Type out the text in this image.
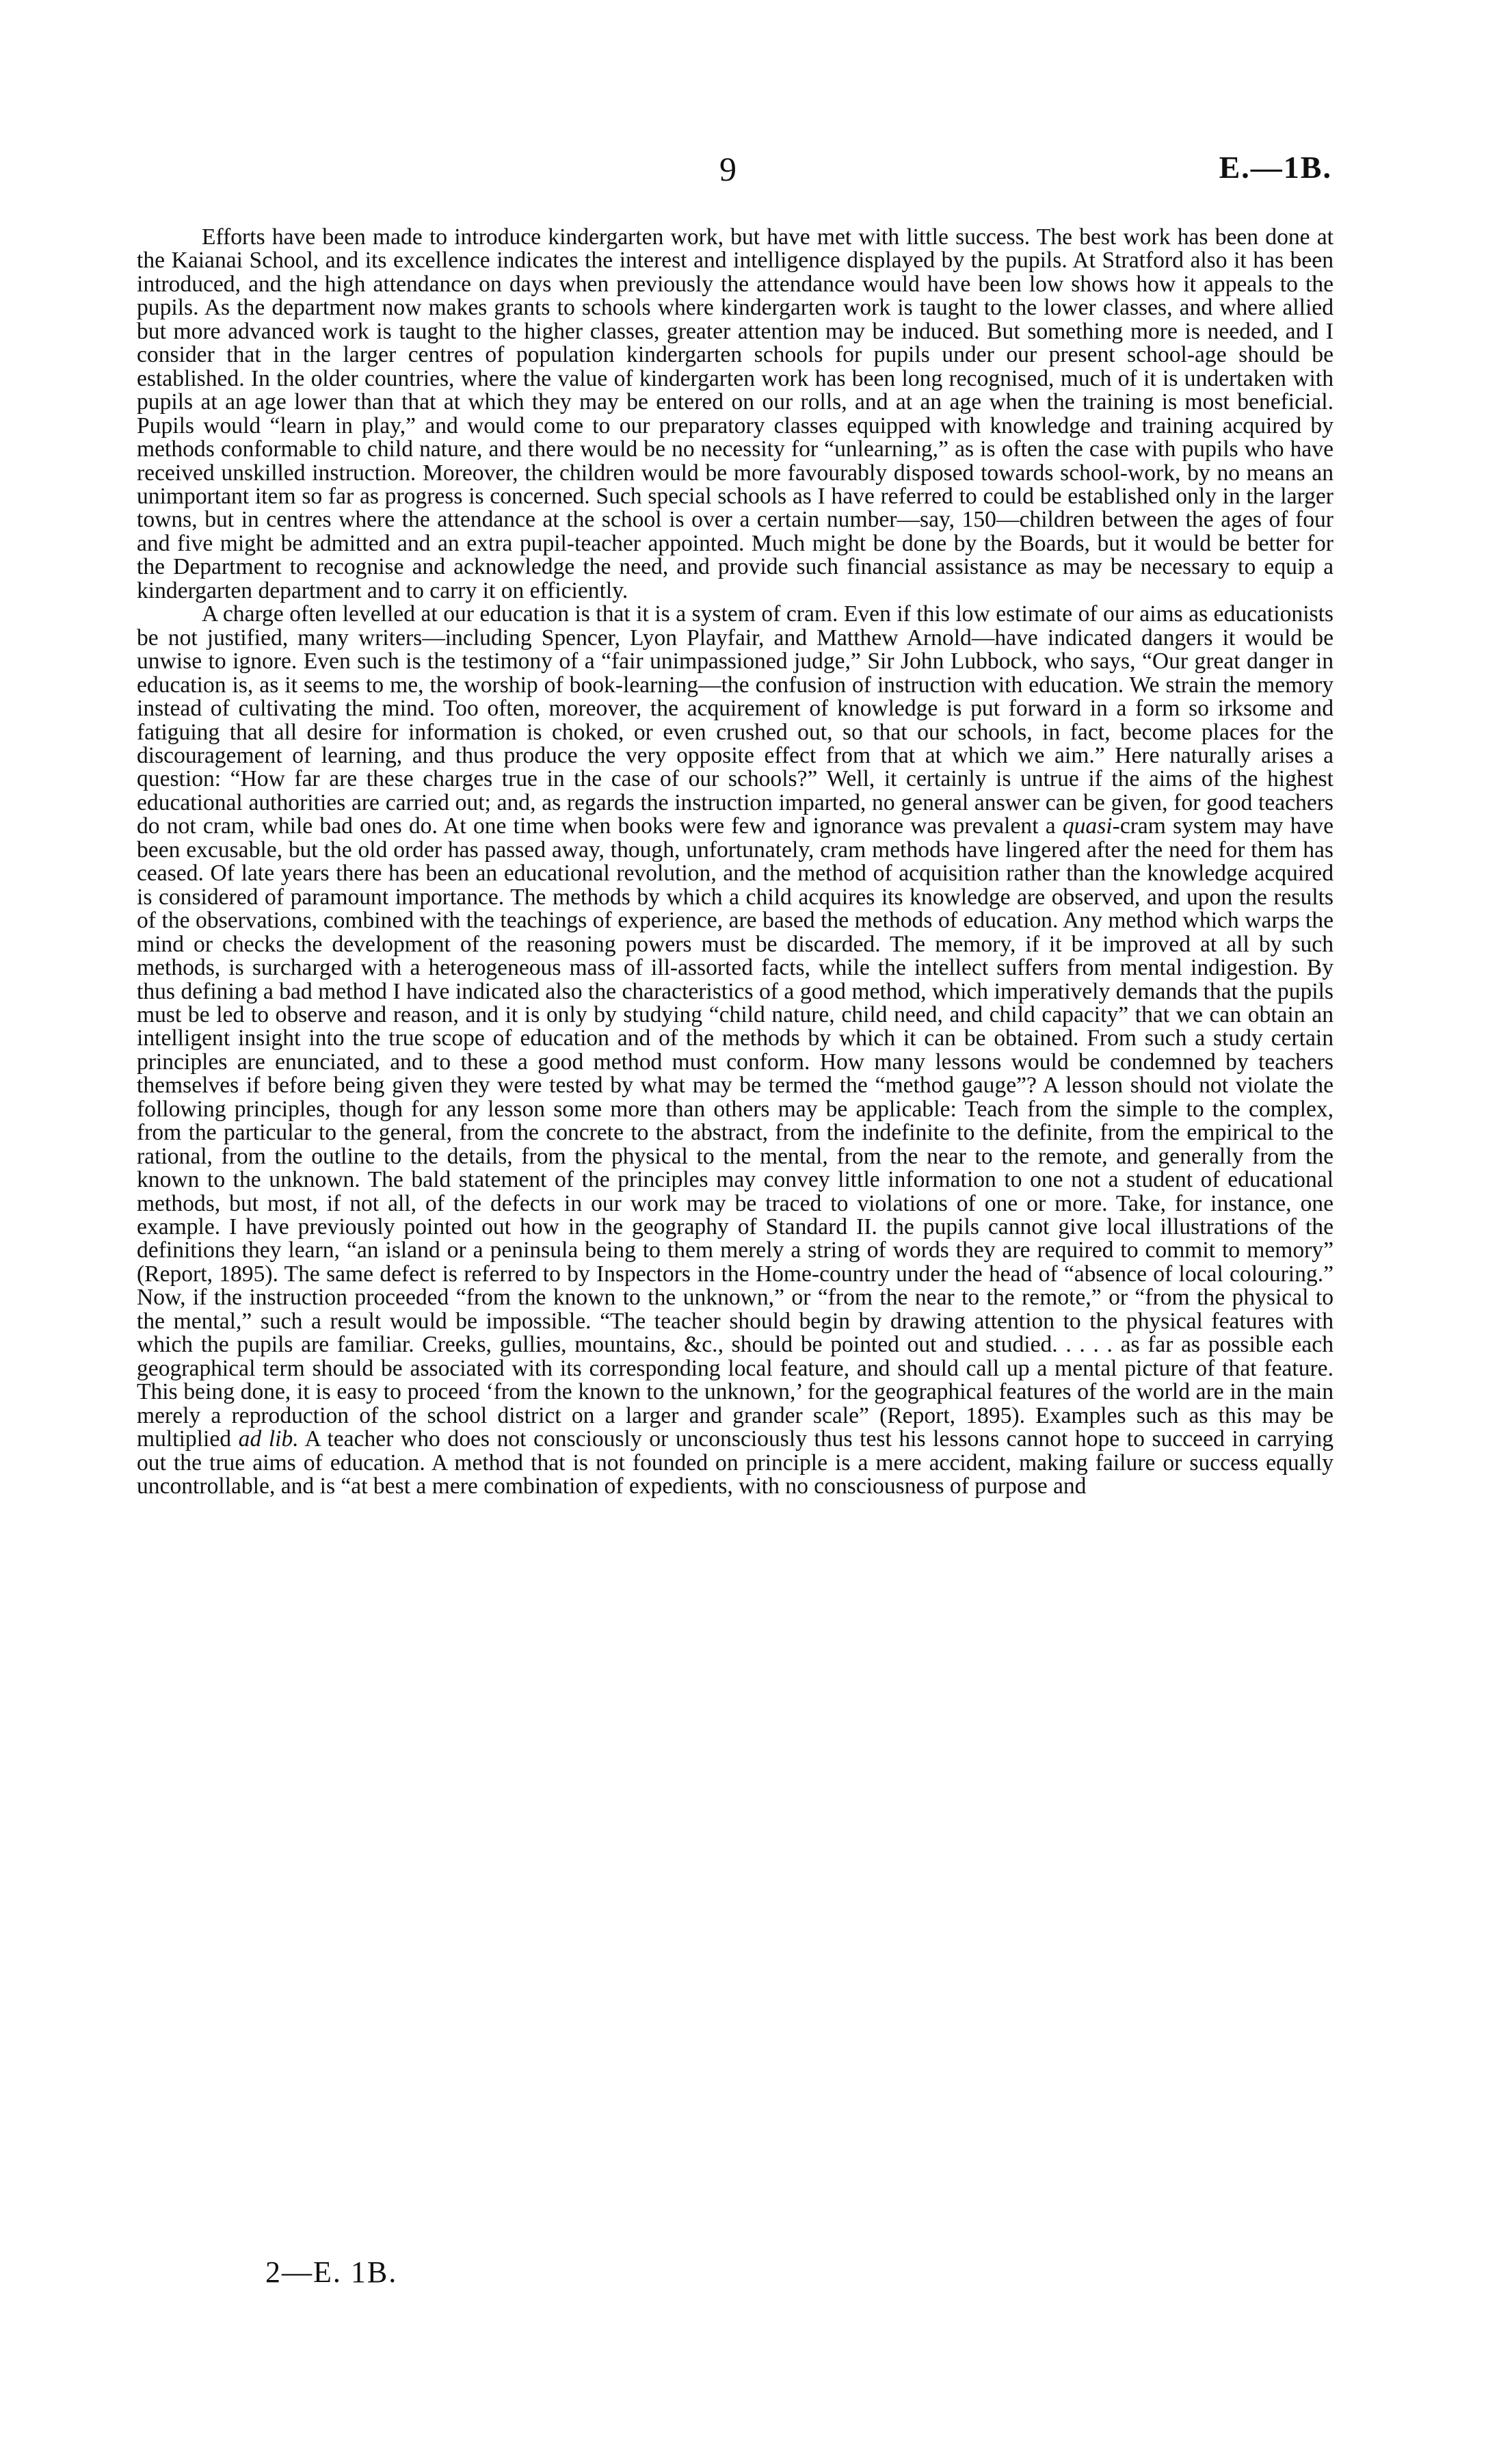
9	E.—1B.

Efforts have been made to introduce kindergarten work, but have met with little success. The best work has been done at the Kaianai School, and its excellence indicates the interest and intelligence displayed by the pupils. At Stratford also it has been introduced, and the high attendance on days when previously the attendance would have been low shows how it appeals to the pupils. As the department now makes grants to schools where kindergarten work is taught to the lower classes, and where allied but more advanced work is taught to the higher classes, greater attention may be induced. But something more is needed, and I consider that in the larger centres of population kindergarten schools for pupils under our present school-age should be established. In the older countries, where the value of kindergarten work has been long recognised, much of it is undertaken with pupils at an age lower than that at which they may be entered on our rolls, and at an age when the training is most beneficial. Pupils would “learn in play,” and would come to our preparatory classes equipped with knowledge and training acquired by methods conformable to child nature, and there would be no necessity for “unlearning,” as is often the case with pupils who have received unskilled instruction. Moreover, the children would be more favourably disposed towards school-work, by no means an unimportant item so far as progress is concerned. Such special schools as I have referred to could be established only in the larger towns, but in centres where the attendance at the school is over a certain number—say, 150—children between the ages of four and five might be admitted and an extra pupil-teacher appointed. Much might be done by the Boards, but it would be better for the Department to recognise and acknowledge the need, and provide such financial assistance as may be necessary to equip a kindergarten department and to carry it on efficiently.

A charge often levelled at our education is that it is a system of cram. Even if this low estimate of our aims as educationists be not justified, many writers—including Spencer, Lyon Playfair, and Matthew Arnold—have indicated dangers it would be unwise to ignore. Even such is the testimony of a “fair unimpassioned judge,” Sir John Lubbock, who says, “Our great danger in education is, as it seems to me, the worship of book-learning—the confusion of instruction with education. We strain the memory instead of cultivating the mind. Too often, moreover, the acquirement of knowledge is put forward in a form so irksome and fatiguing that all desire for information is choked, or even crushed out, so that our schools, in fact, become places for the discouragement of learning, and thus produce the very opposite effect from that at which we aim.” Here naturally arises a question: “How far are these charges true in the case of our schools?” Well, it certainly is untrue if the aims of the highest educational authorities are carried out; and, as regards the instruction imparted, no general answer can be given, for good teachers do not cram, while bad ones do. At one time when books were few and ignorance was prevalent a quasi-cram system may have been excusable, but the old order has passed away, though, unfortunately, cram methods have lingered after the need for them has ceased. Of late years there has been an educational revolution, and the method of acquisition rather than the knowledge acquired is considered of paramount importance. The methods by which a child acquires its knowledge are observed, and upon the results of the observations, combined with the teachings of experience, are based the methods of education. Any method which warps the mind or checks the development of the reasoning powers must be discarded. The memory, if it be improved at all by such methods, is surcharged with a heterogeneous mass of ill-assorted facts, while the intellect suffers from mental indigestion. By thus defining a bad method I have indicated also the characteristics of a good method, which imperatively demands that the pupils must be led to observe and reason, and it is only by studying “child nature, child need, and child capacity” that we can obtain an intelligent insight into the true scope of education and of the methods by which it can be obtained. From such a study certain principles are enunciated, and to these a good method must conform. How many lessons would be condemned by teachers themselves if before being given they were tested by what may be termed the “method gauge”? A lesson should not violate the following principles, though for any lesson some more than others may be applicable: Teach from the simple to the complex, from the particular to the general, from the concrete to the abstract, from the indefinite to the definite, from the empirical to the rational, from the outline to the details, from the physical to the mental, from the near to the remote, and generally from the known to the unknown. The bald statement of the principles may convey little information to one not a student of educational methods, but most, if not all, of the defects in our work may be traced to violations of one or more. Take, for instance, one example. I have previously pointed out how in the geography of Standard II. the pupils cannot give local illustrations of the definitions they learn, “an island or a peninsula being to them merely a string of words they are required to commit to memory” (Report, 1895). The same defect is referred to by Inspectors in the Home-country under the head of “absence of local colouring.” Now, if the instruction proceeded “from the known to the unknown,” or “from the near to the remote,” or “from the physical to the mental,” such a result would be impossible. “The teacher should begin by drawing attention to the physical features with which the pupils are familiar. Creeks, gullies, mountains, &c., should be pointed out and studied. . . . . as far as possible each geographical term should be associated with its corresponding local feature, and should call up a mental picture of that feature. This being done, it is easy to proceed ‘from the known to the unknown,’ for the geographical features of the world are in the main merely a reproduction of the school district on a larger and grander scale” (Report, 1895). Examples such as this may be multiplied ad lib. A teacher who does not consciously or unconsciously thus test his lessons cannot hope to succeed in carrying out the true aims of education. A method that is not founded on principle is a mere accident, making failure or success equally uncontrollable, and is “at best a mere combination of expedients, with no consciousness of purpose and

2—E. 1B.
